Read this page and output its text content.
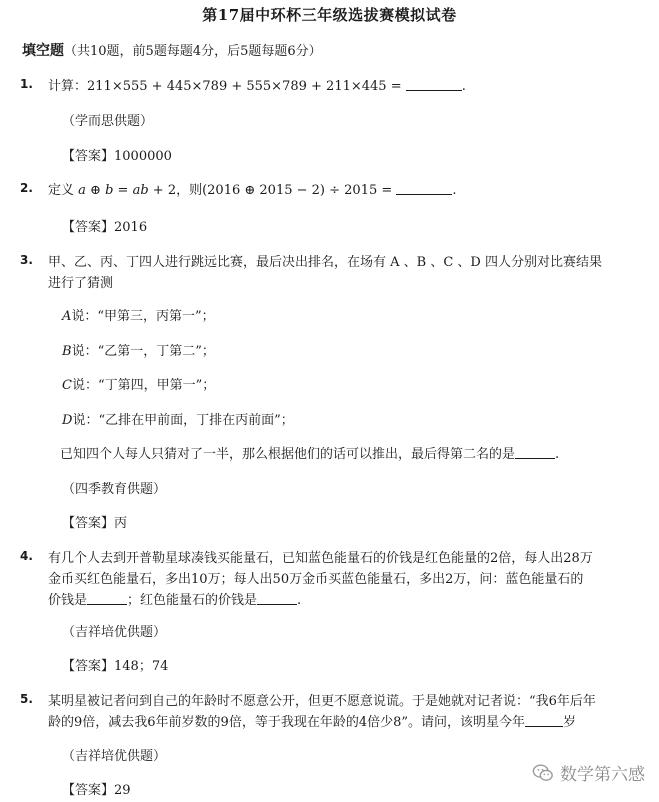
第17届中环杯三年级选拔赛模拟试卷
填空题（共10题，前5题每题4分，后5题每题6分）
1. 计算：211×555 + 445×789 + 555×789 + 211×445 =	.
（学而思供题）
【答案】1000000
2. 定义 a ⊕ b = ab + 2，则(2016 ⊕ 2015 − 2) ÷ 2015 =	.
【答案】2016
3. 甲、乙、丙、丁四人进行跳远比赛，最后决出排名，在场有 A 、B 、C 、D 四人分别对比赛结果
进行了猜测
A说：“甲第三，丙第一”；
B说：“乙第一，丁第二”；
C说：“丁第四，甲第一”；
D说：“乙排在甲前面，丁排在丙前面”；
已知四个人每人只猜对了一半，那么根据他们的话可以推出，最后得第二名的是	.
（四季教育供题）
【答案】丙
4. 有几个人去到开普勒星球凑钱买能量石，已知蓝色能量石的价钱是红色能量的2倍，每人出28万
金币买红色能量石，多出10万；每人出50万金币买蓝色能量石，多出2万，问：蓝色能量石的
价钱是	；红色能量石的价钱是	.
（吉祥培优供题）
【答案】148；74
5. 某明星被记者问到自己的年龄时不愿意公开，但更不愿意说谎。于是她就对记者说：“我6年后年
龄的9倍，减去我6年前岁数的9倍，等于我现在年龄的4倍少8”。请问，该明星今年	岁
（吉祥培优供题）
【答案】29
数学第六感
